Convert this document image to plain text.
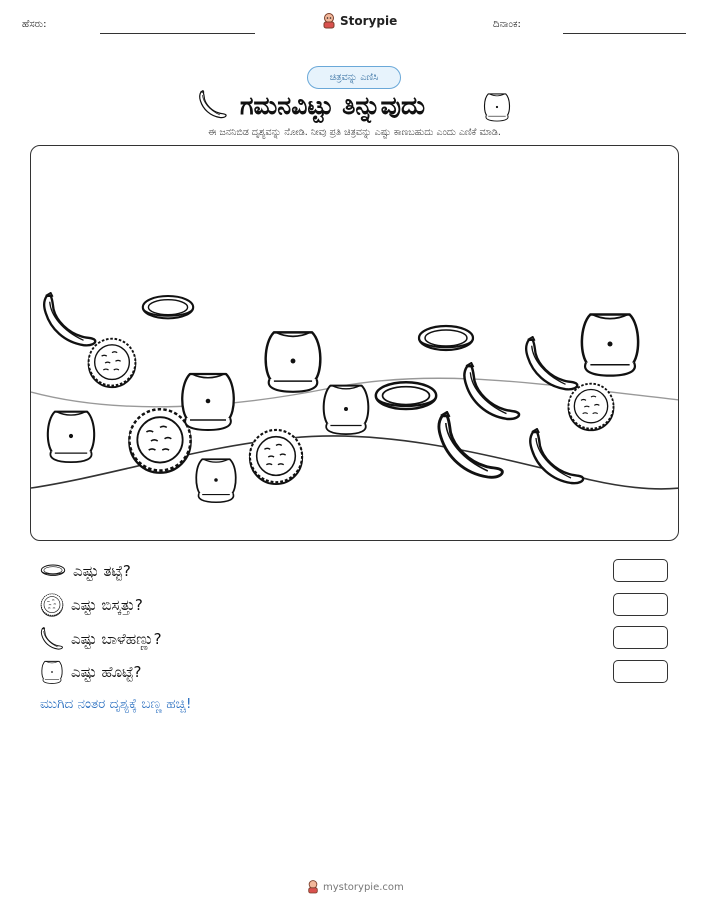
ಹೆಸರು:	Storypie	ದಿನಾಂಕ:
ಚಿತ್ರವನ್ನು ಎಣಿಸಿ
ಗಮನವಿಟ್ಟು ತಿನ್ನುವುದು
ಈ ಜನನಿಬಿಡ ದೃಶ್ಯವನ್ನು ನೋಡಿ. ನೀವು ಪ್ರತಿ ಚಿತ್ರವನ್ನು ಎಷ್ಟು ಕಾಣಬಹುದು ಎಂದು ಎಣಿಕೆ ಮಾಡಿ.
ಎಷ್ಟು ತಟ್ಟೆ?
ಎಷ್ಟು ಬಿಸ್ಕತ್ತು?
ಎಷ್ಟು ಬಾಳೆಹಣ್ಣು?
ಎಷ್ಟು ಹೊಟ್ಟೆ?
ಮುಗಿದ ನಂತರ ದೃಶ್ಯಕ್ಕೆ ಬಣ್ಣ ಹಚ್ಚಿ!
mystorypie.com
